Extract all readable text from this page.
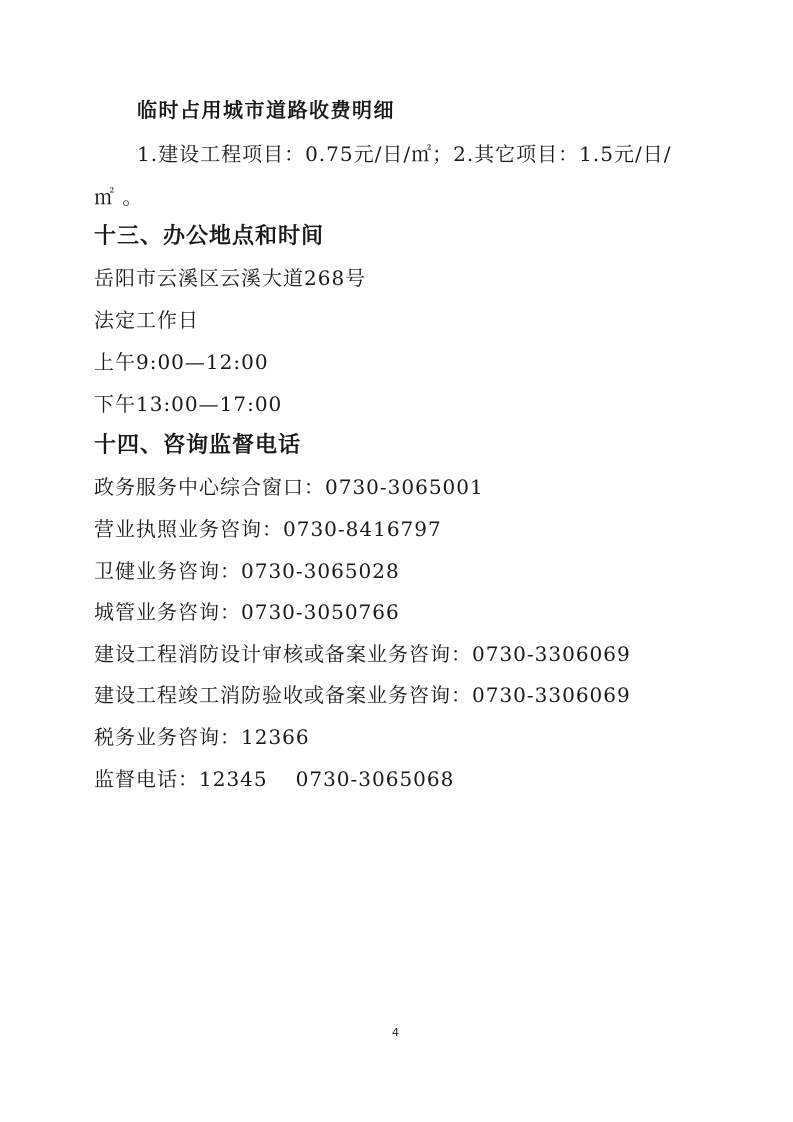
临时占用城市道路收费明细
1.建设工程项目：0.75元/日/㎡；2.其它项目：1.5元/日/
㎡ 。
十三、办公地点和时间
岳阳市云溪区云溪大道268号
法定工作日
上午9:00—12:00
下午13:00—17:00
十四、咨询监督电话
政务服务中心综合窗口：0730-3065001
营业执照业务咨询：0730-8416797
卫健业务咨询：0730-3065028
城管业务咨询：0730-3050766
建设工程消防设计审核或备案业务咨询：0730-3306069
建设工程竣工消防验收或备案业务咨询：0730-3306069
税务业务咨询：12366
监督电话：12345 0730-3065068
4
